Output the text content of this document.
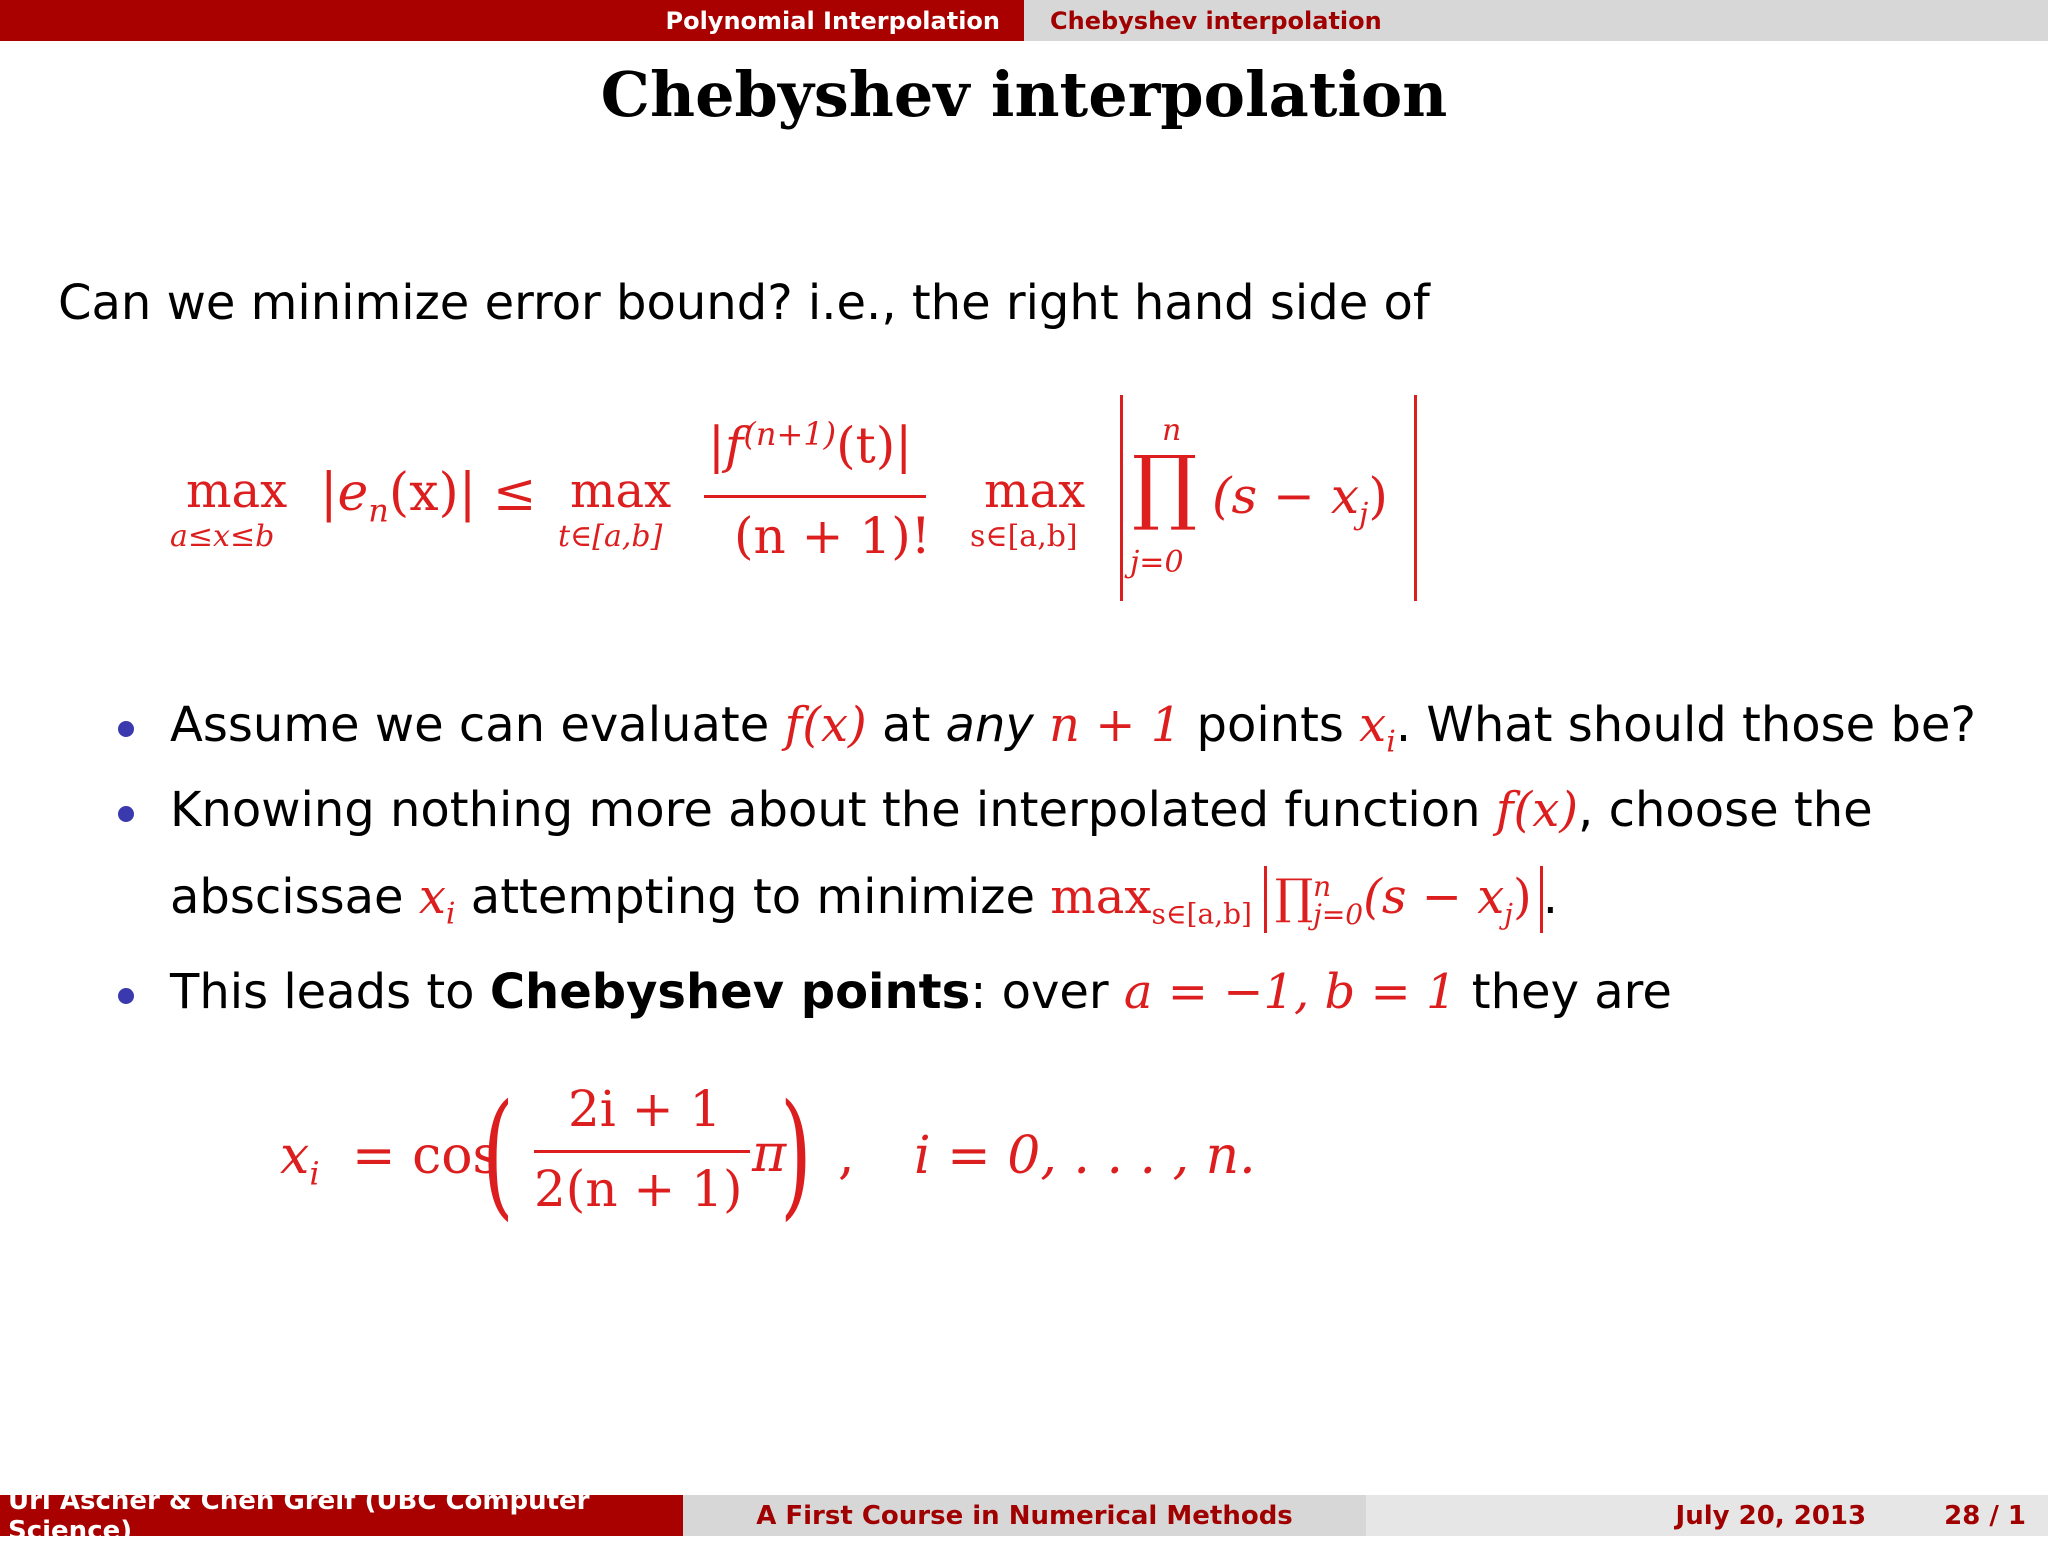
Polynomial Interpolation	Chebyshev interpolation
Chebyshev interpolation
Can we minimize error bound? i.e., the right hand side of
max
a≤x≤b
$|e_n(x)| \le \max$
t∈[a,b]
$|f^{(n+1)}(t)|$
(n + 1)!
max
s∈[a,b]
n
∏
j=0
$(s - x_j)$
Assume we can evaluate f(x) at any n + 1 points $x_i$. What should those be?
Knowing nothing more about the interpolated function f(x), choose the
abscissae $x_i$ attempting to minimize $\max_{s\in[a,b]}$ ∏ n
j=0 $(s - x_j)$ .
This leads to Chebyshev points: over a = −1, b = 1 they are
$x_i = \cos$
( 2i + 1
2(n + 1)
π
) , i = 0, . . . , n.
Uri Ascher & Chen Greif (UBC Computer Science)	A First Course in Numerical Methods	July 20, 2013	28 / 1
